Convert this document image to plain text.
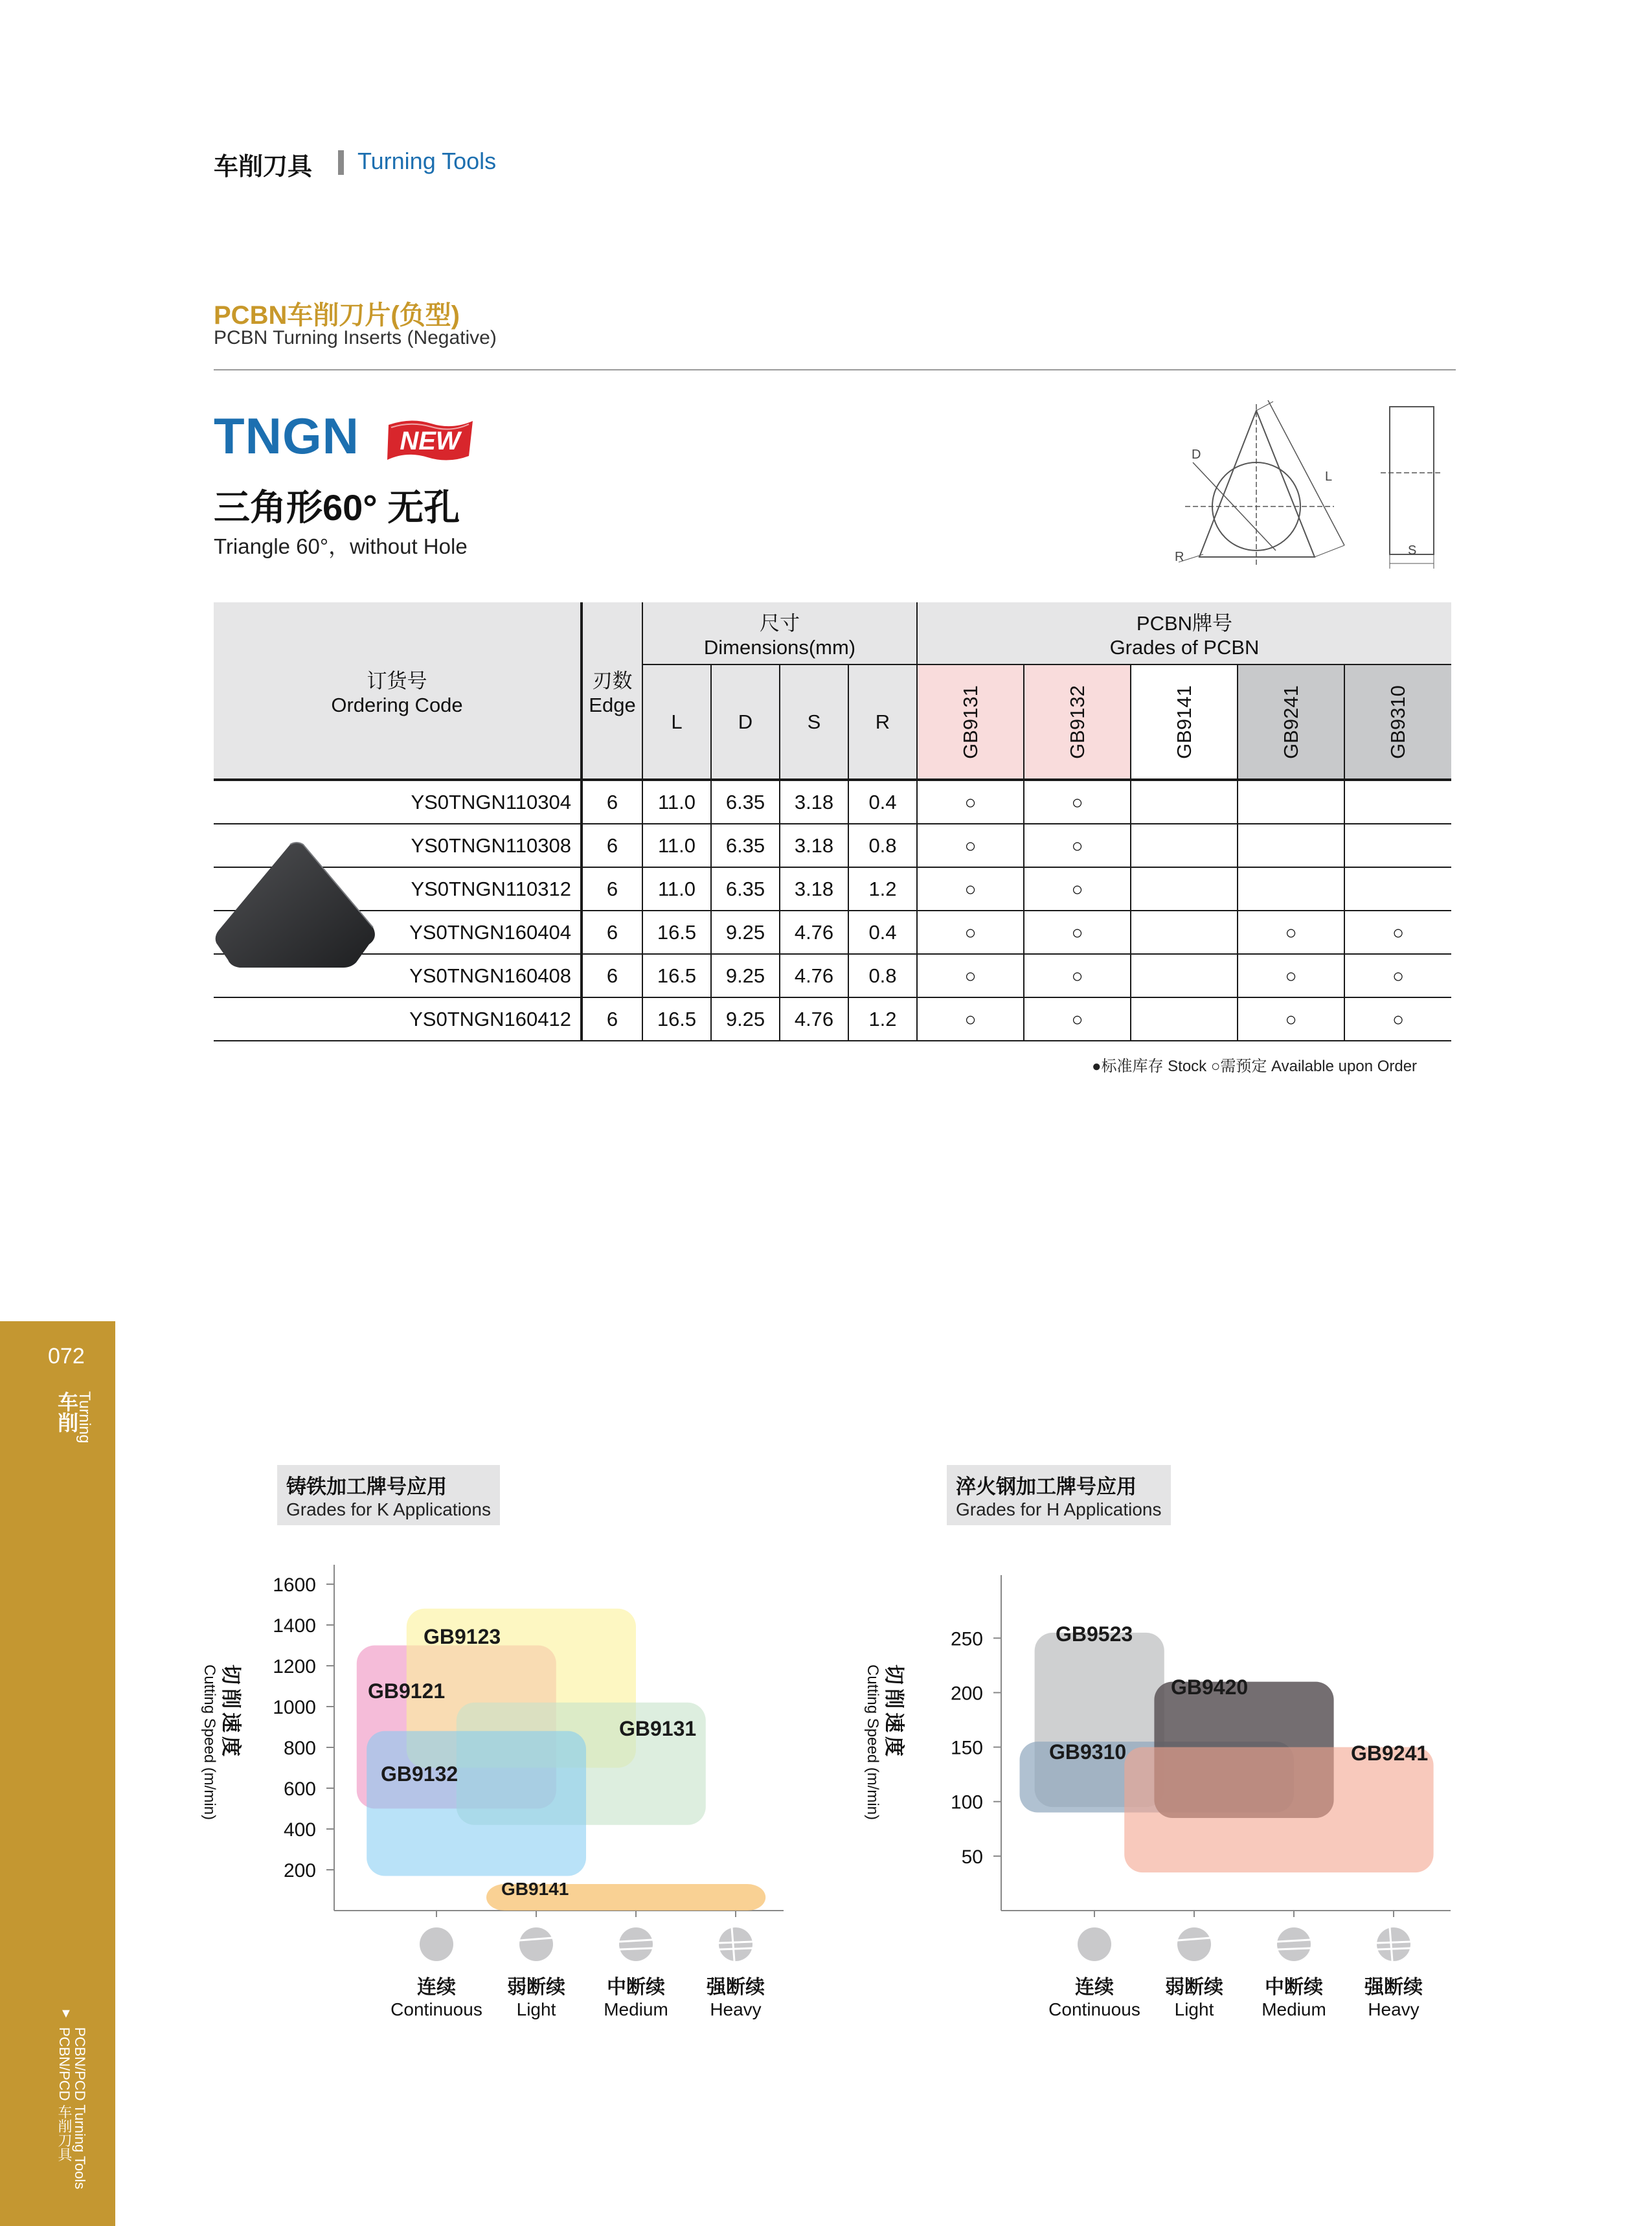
车削刀具 Turning Tools
PCBN车削刀片(负型)
PCBN Turning Inserts (Negative)
TNGN NEW
三角形60° 无孔
Triangle 60°，without Hole
D
L
R	S
订货号
Ordering Code	刃数
Edge	尺寸
Dimensions(mm)				PCBN牌号
Grades of PCBN				
		L	D	S	R	GB9131	GB9132	GB9141	GB9241	GB9310
YS0TNGN110304	6	11.0	6.35	3.18	0.4	○	○			
YS0TNGN110308	6	11.0	6.35	3.18	0.8	○	○			
YS0TNGN110312	6	11.0	6.35	3.18	1.2	○	○			
YS0TNGN160404	6	16.5	9.25	4.76	0.4	○	○		○	○
YS0TNGN160408	6	16.5	9.25	4.76	0.8	○	○		○	○
YS0TNGN160412	6	16.5	9.25	4.76	1.2	○	○		○	○
●标准库存 Stock ○需预定 Available upon Order
072
车削
Turning
▼
PCBN/PCD Turning Tools
PCBN/PCD 车削刀具
铸铁加工牌号应用
Grades for K Applications
淬火钢加工牌号应用
Grades for H Applications
200
400
600
800
1000
1200
1400
1600
GB9121
GB9123
GB9131
GB9132
GB9141
连续
Continuous
弱断续
Light
中断续
Medium
强断续
Heavy
切削速度
Cutting Speed (m/min)
50
100
150
200
250	GB9523
GB9420
GB9310	GB9241
连续
Continuous
弱断续
Light
中断续
Medium
强断续
Heavy
切削速度
Cutting Speed (m/min)
